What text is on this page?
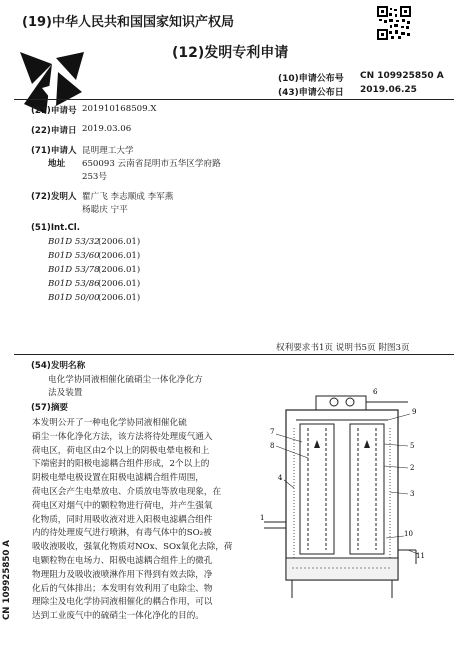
(19)中华人民共和国国家知识产权局
(12)发明专利申请
(10)申请公布号 CN 109925850 A
(43)申请公布日 2019.06.25
(21)申请号 201910168509.X
(22)申请日 2019.03.06
(71)申请人 昆明理工大学
地址 650093 云南省昆明市五华区学府路
253号
(72)发明人 瞿广飞 李志顺成 李军燕
杨聪庆 宁平
(51)Int.Cl.
B01D 53/32
(2006.01)
B01D 53/60
(2006.01)
B01D 53/78
(2006.01)
B01D 53/86
(2006.01)
B01D 50/00
(2006.01)
权利要求书1页 说明书5页 附图3页
(54)发明名称
电化学协同液相催化硫硝尘一体化净化方
法及装置
(57)摘要
本发明公开了一种电化学协同液相催化硫
硝尘一体化净化方法，该方法将待处理废气通入
荷电区，荷电区由2个以上的阴极电晕电极和上
下端密封的阳极电滤耦合组件形成，2个以上的
阴极电晕电极设置在阳极电滤耦合组件周围，
荷电区会产生电晕放电、介质放电等放电现象，在
荷电区对烟气中的颗粒物进行荷电，并产生强氧
化物质，同时用吸收液对进入阳极电滤耦合组件
内的待处理废气进行喷淋，有毒气体中的SO₂被
吸收液吸收，强氧化物质对NOx、SOx氧化去除，荷
电颗粒物在电场力、阳极电滤耦合组件上的微孔
物理阻力及吸收液喷淋作用下得到有效去除，净
化后的气体排出；本发明有效利用了电除尘、物
理除尘及电化学协同液相催化的耦合作用，可以
达到工业废气中的硫硝尘一体化净化的目的。
CN 109925850 A
6
7
8
9
5
4
2
3
1
10
11
